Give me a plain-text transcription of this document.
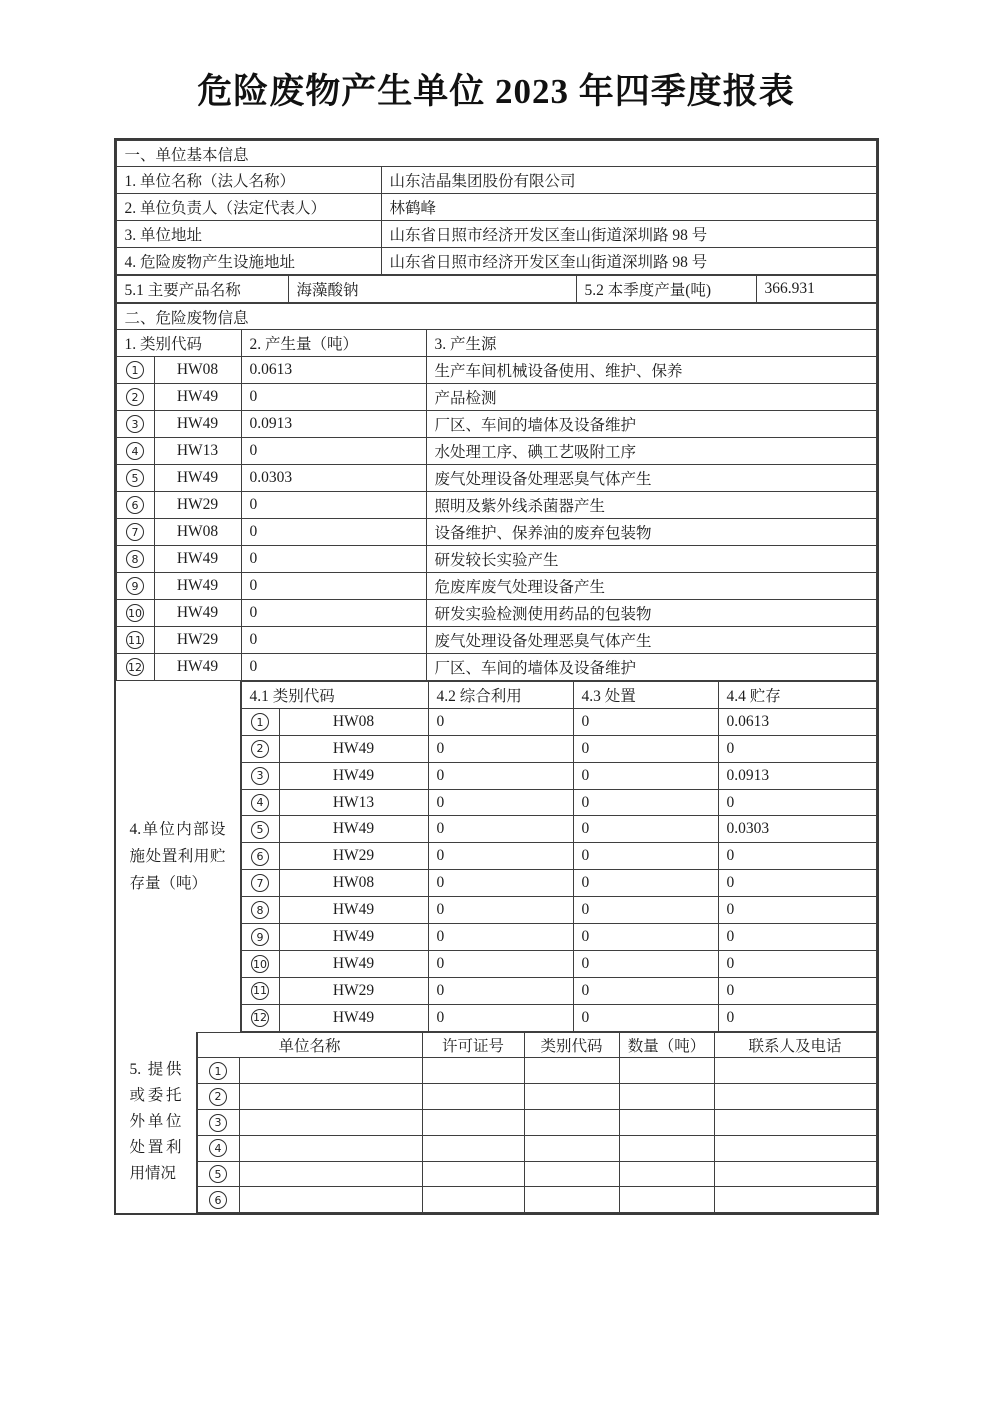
危险废物产生单位 2023 年四季度报表
一、单位基本信息	
1. 单位名称（法人名称）	山东洁晶集团股份有限公司
2. 单位负责人（法定代表人）	林鹤峰
3. 单位地址	山东省日照市经济开发区奎山街道深圳路 98 号
4. 危险废物产生设施地址	山东省日照市经济开发区奎山街道深圳路 98 号
5.1 主要产品名称	海藻酸钠	5.2 本季度产量(吨)	366.931
二、危险废物信息			
1. 类别代码		2. 产生量（吨）	3. 产生源
1	HW08	0.0613	生产车间机械设备使用、维护、保养
2	HW49	0	产品检测
3	HW49	0.0913	厂区、车间的墙体及设备维护
4	HW13	0	水处理工序、碘工艺吸附工序
5	HW49	0.0303	废气处理设备处理恶臭气体产生
6	HW29	0	照明及紫外线杀菌器产生
7	HW08	0	设备维护、保养油的废弃包装物
8	HW49	0	研发较长实验产生
9	HW49	0	危废库废气处理设备产生
10	HW49	0	研发实验检测使用药品的包装物
11	HW29	0	废气处理设备处理恶臭气体产生
12	HW49	0	厂区、车间的墙体及设备维护
4.单位内部设施处置利用贮存量（吨）
4.1 类别代码		4.2 综合利用	4.3 处置	4.4 贮存
1	HW08	0	0	0.0613
2	HW49	0	0	0
3	HW49	0	0	0.0913
4	HW13	0	0	0
5	HW49	0	0	0.0303
6	HW29	0	0	0
7	HW08	0	0	0
8	HW49	0	0	0
9	HW49	0	0	0
10	HW49	0	0	0
11	HW29	0	0	0
12	HW49	0	0	0
5. 提供或委托外单位处置利用情况
单位名称		许可证号	类别代码	数量（吨）	联系人及电话
1					
2					
3					
4					
5					
6					
